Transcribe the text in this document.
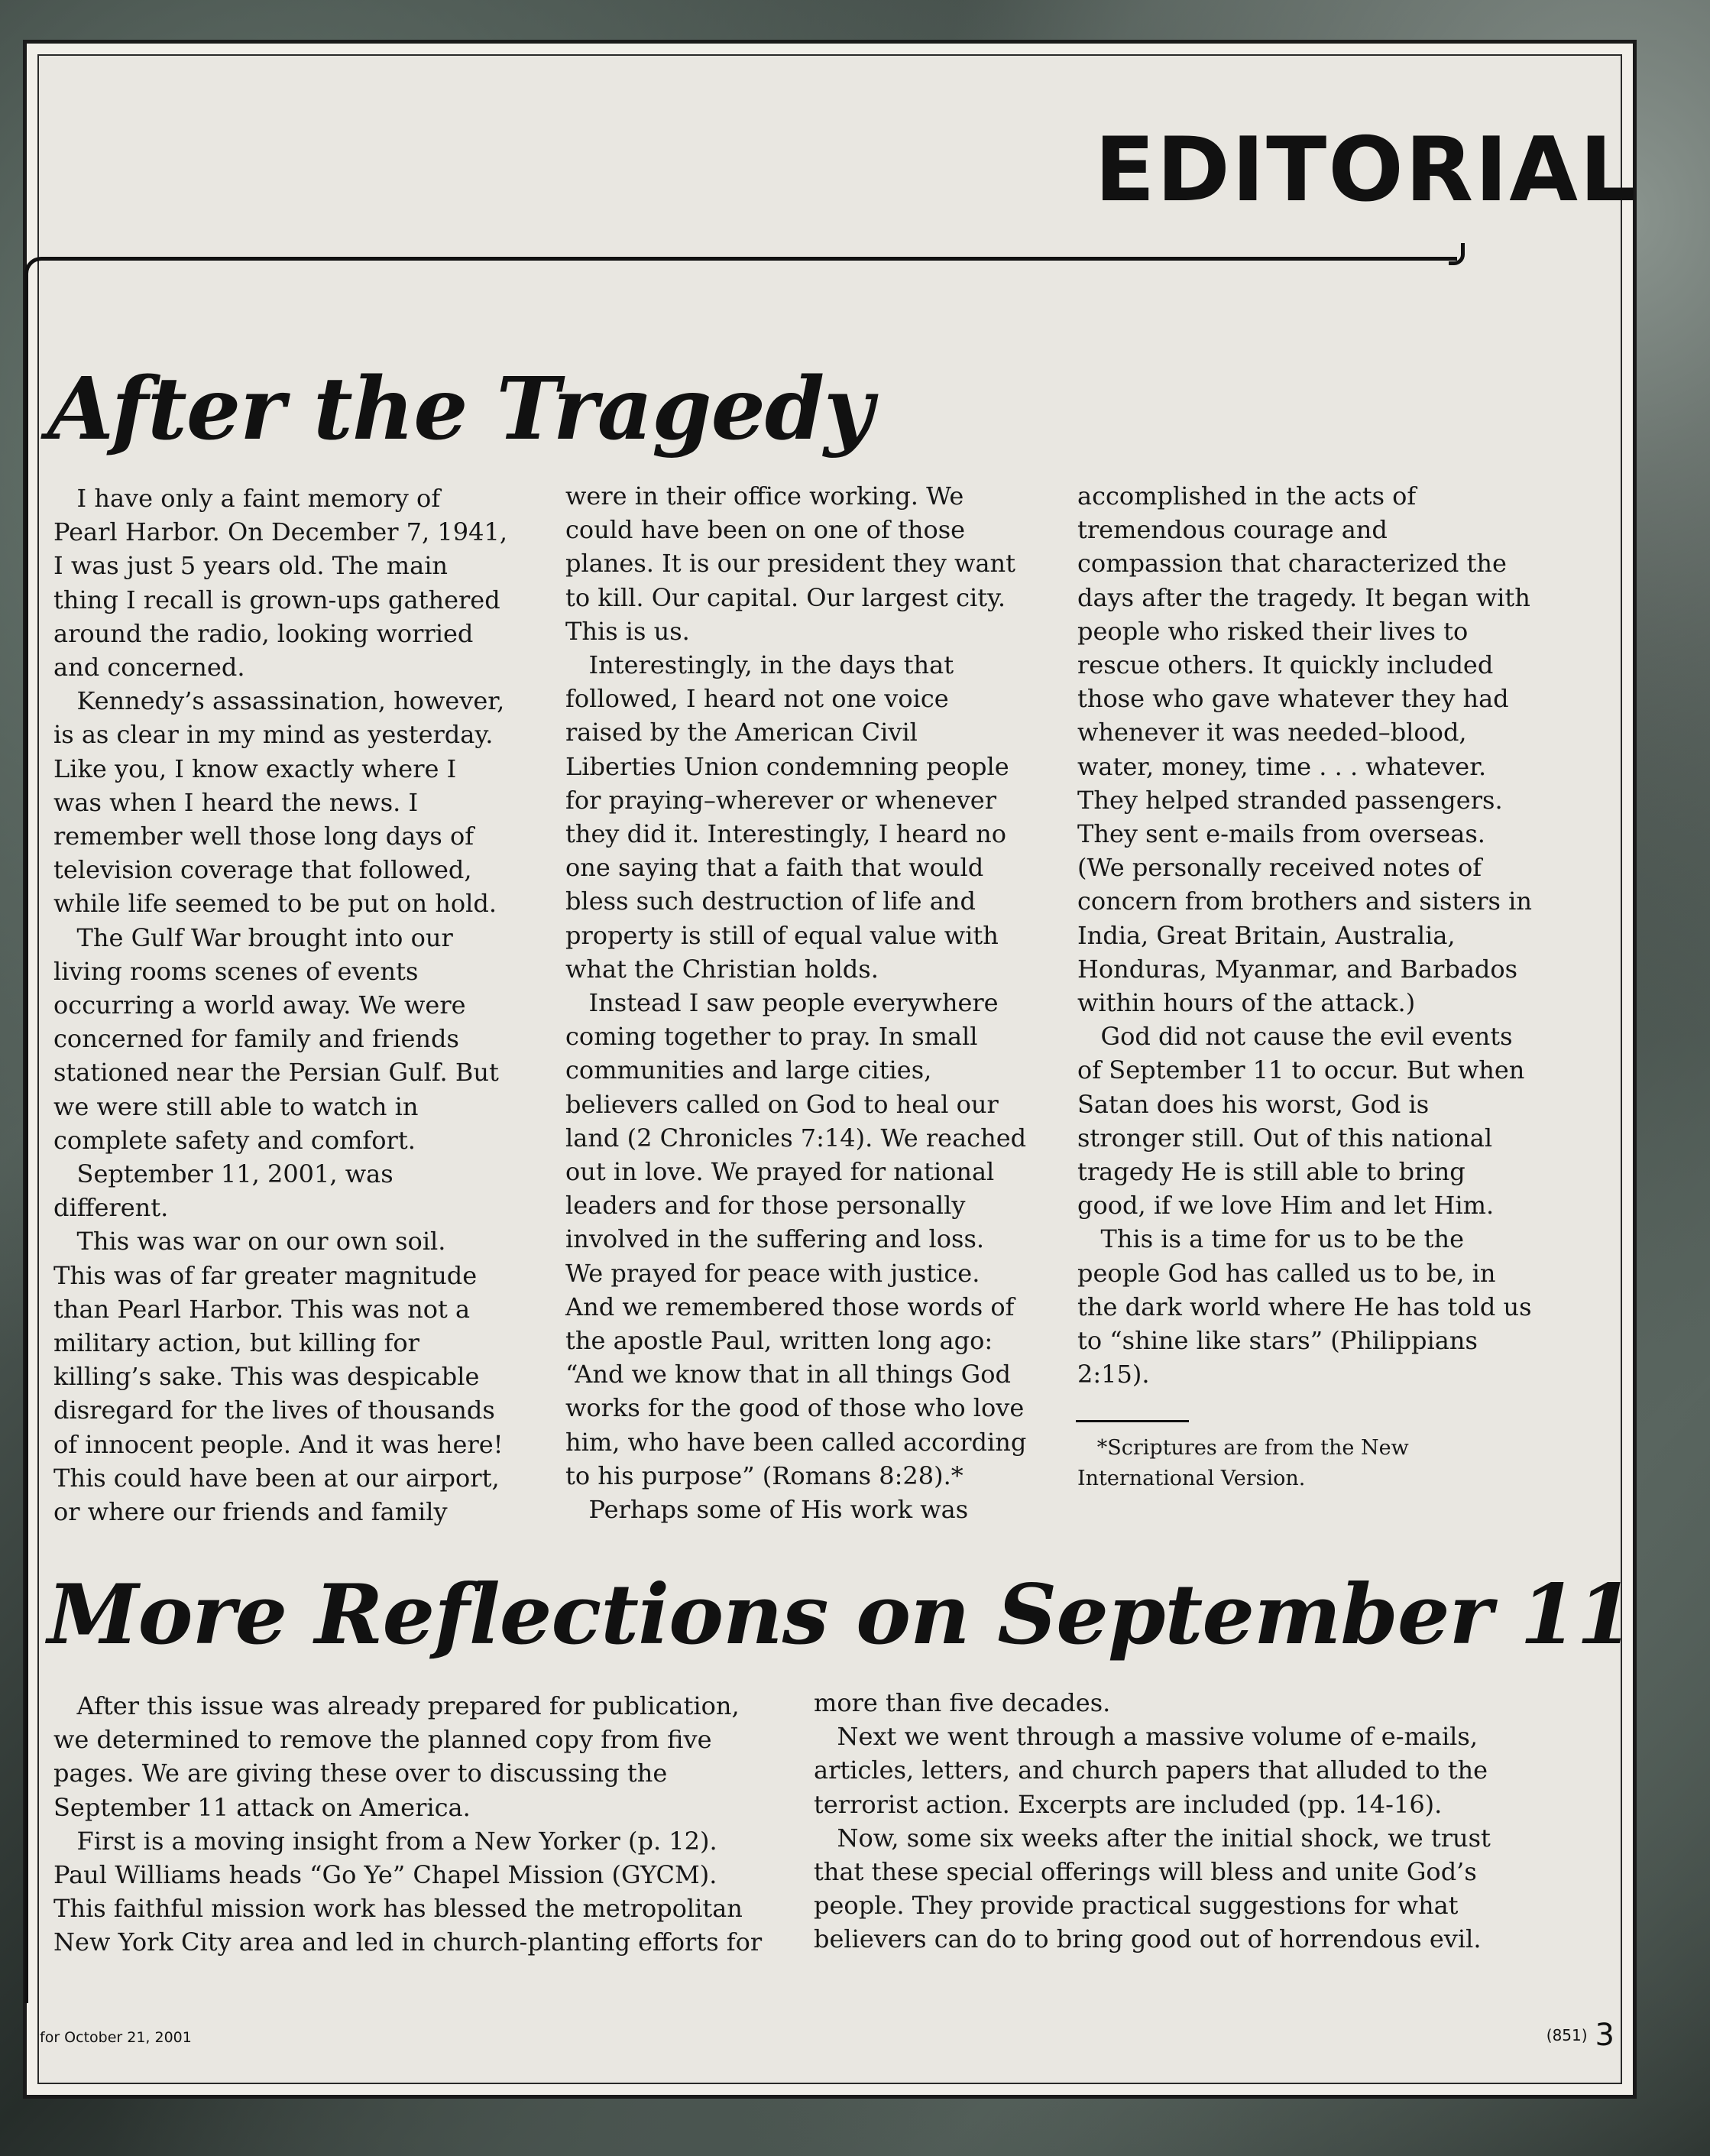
EDITORIAL
After the Tragedy

I have only a faint memory of

Pearl Harbor. On December 7, 1941,

I was just 5 years old. The main

thing I recall is grown-ups gathered

around the radio, looking worried

and concerned.

Kennedy’s assassination, however,

is as clear in my mind as yesterday.

Like you, I know exactly where I

was when I heard the news. I

remember well those long days of

television coverage that followed,

while life seemed to be put on hold.

The Gulf War brought into our

living rooms scenes of events

occurring a world away. We were

concerned for family and friends

stationed near the Persian Gulf. But

we were still able to watch in

complete safety and comfort.

September 11, 2001, was

different.

This was war on our own soil.

This was of far greater magnitude

than Pearl Harbor. This was not a

military action, but killing for

killing’s sake. This was despicable

disregard for the lives of thousands

of innocent people. And it was here!

This could have been at our airport,

or where our friends and family

were in their office working. We

could have been on one of those

planes. It is our president they want

to kill. Our capital. Our largest city.

This is us.

Interestingly, in the days that

followed, I heard not one voice

raised by the American Civil

Liberties Union condemning people

for praying–wherever or whenever

they did it. Interestingly, I heard no

one saying that a faith that would

bless such destruction of life and

property is still of equal value with

what the Christian holds.

Instead I saw people everywhere

coming together to pray. In small

communities and large cities,

believers called on God to heal our

land (2 Chronicles 7:14). We reached

out in love. We prayed for national

leaders and for those personally

involved in the suffering and loss.

We prayed for peace with justice.

And we remembered those words of

the apostle Paul, written long ago:

“And we know that in all things God

works for the good of those who love

him, who have been called according

to his purpose” (Romans 8:28).*

Perhaps some of His work was

accomplished in the acts of

tremendous courage and

compassion that characterized the

days after the tragedy. It began with

people who risked their lives to

rescue others. It quickly included

those who gave whatever they had

whenever it was needed–blood,

water, money, time . . . whatever.

They helped stranded passengers.

They sent e-mails from overseas.

(We personally received notes of

concern from brothers and sisters in

India, Great Britain, Australia,

Honduras, Myanmar, and Barbados

within hours of the attack.)

God did not cause the evil events

of September 11 to occur. But when

Satan does his worst, God is

stronger still. Out of this national

tragedy He is still able to bring

good, if we love Him and let Him.

This is a time for us to be the

people God has called us to be, in

the dark world where He has told us

to “shine like stars” (Philippians

2:15).

*Scriptures are from the New

International Version.

More Reflections on September 11

After this issue was already prepared for publication,

we determined to remove the planned copy from five

pages. We are giving these over to discussing the

September 11 attack on America.

First is a moving insight from a New Yorker (p. 12).

Paul Williams heads “Go Ye” Chapel Mission (GYCM).

This faithful mission work has blessed the metropolitan

New York City area and led in church-planting efforts for

more than five decades.

Next we went through a massive volume of e-mails,

articles, letters, and church papers that alluded to the

terrorist action. Excerpts are included (pp. 14-16).

Now, some six weeks after the initial shock, we trust

that these special offerings will bless and unite God’s

people. They provide practical suggestions for what

believers can do to bring good out of horrendous evil.

for October 21, 2001	(851) 3
